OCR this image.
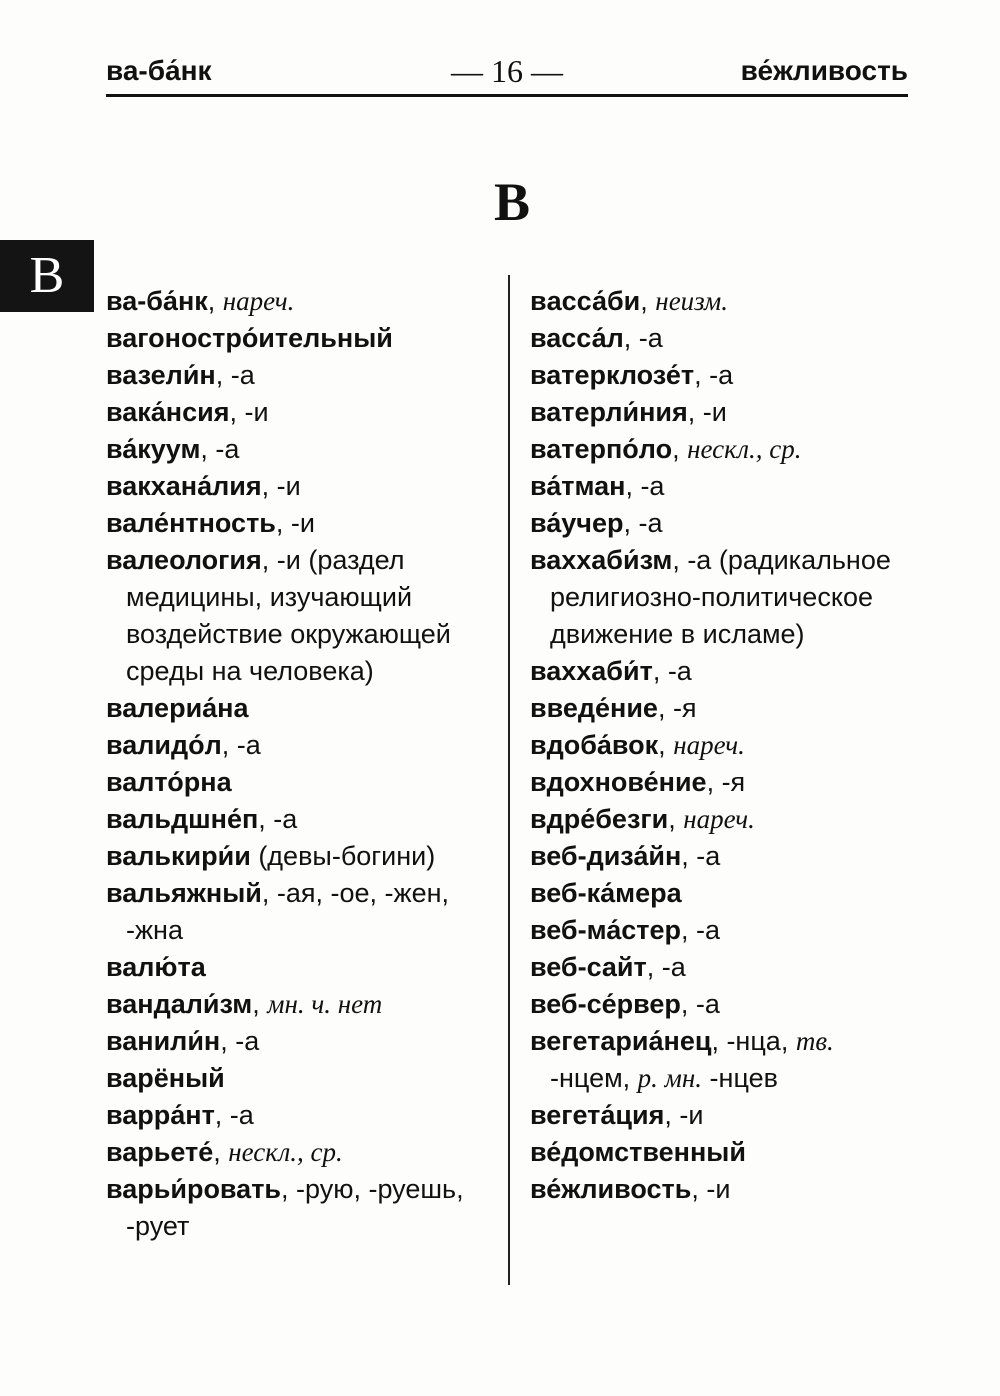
ва-ба́нк	— 16 —	ве́жливость
В
В	ва-ба́нк, нареч.

вагоностро́ительный

вазели́н, -а

вака́нсия, -и

ва́куум, -а

вакхана́лия, -и

вале́нтность, -и

валеология, -и (раздел медицины, изучающий воздействие окружающей среды на человека)

валериа́на

валидо́л, -а

валто́рна

вальдшне́п, -а

валькири́и (девы-богини)

вальяжный, -ая, -ое, -жен, -жна

валю́та

вандали́зм, мн. ч. нет

ванили́н, -а

варёный

варра́нт, -а

варьете́, нескл., ср.

варьи́ровать, -рую, -руешь, -рует

вacса́би, неизм.

васса́л, -а

ватерклозе́т, -а

ватерли́ния, -и

ватерпо́ло, нескл., ср.

ва́тман, -а

ва́учер, -а

ваххаби́зм, -а (радикальное религиозно-политическое движение в исламе)

ваххаби́т, -а

введе́ние, -я

вдоба́вок, нареч.

вдохнове́ние, -я

вдре́безги, нареч.

веб-диза́йн, -а

веб-ка́мера

веб-ма́стер, -а

веб-сайт, -а

веб-се́рвер, -а

вегетариа́нец, -нца, тв. -нцем, р. мн. -нцев

вегета́ция, -и

ве́домственный

ве́жливость, -и
